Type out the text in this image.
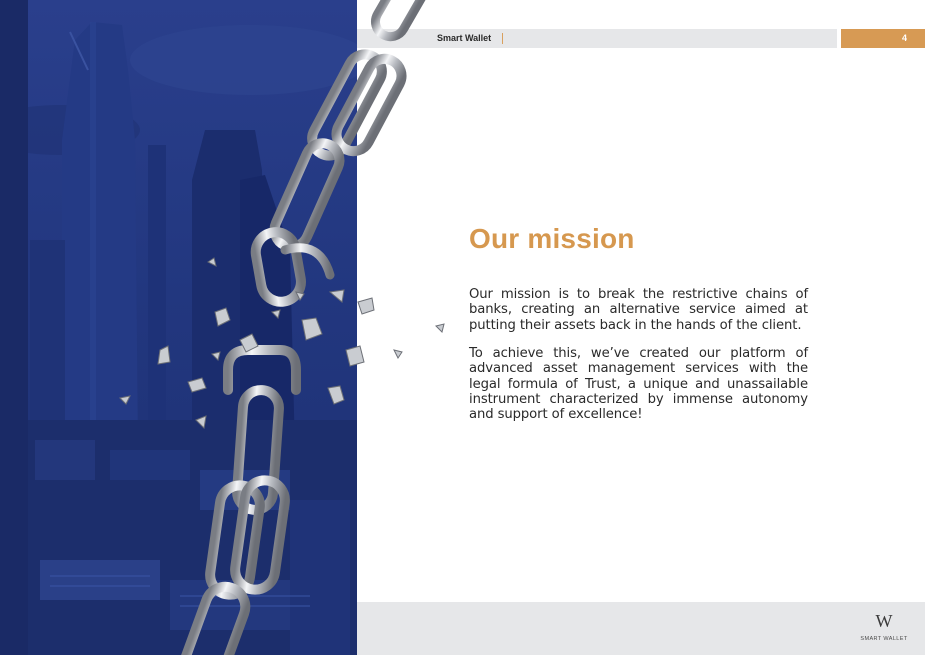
Smart Wallet	4
Our mission

Our mission is to break the restrictive chains of banks, creating an alternative service aimed at putting their assets back in the hands of the client.

To achieve this, we’ve created our platform of advanced asset management services with the legal formula of Trust, a unique and unassailable instrument characterized by immense autonomy and support of excellence!

W
SMART WALLET
